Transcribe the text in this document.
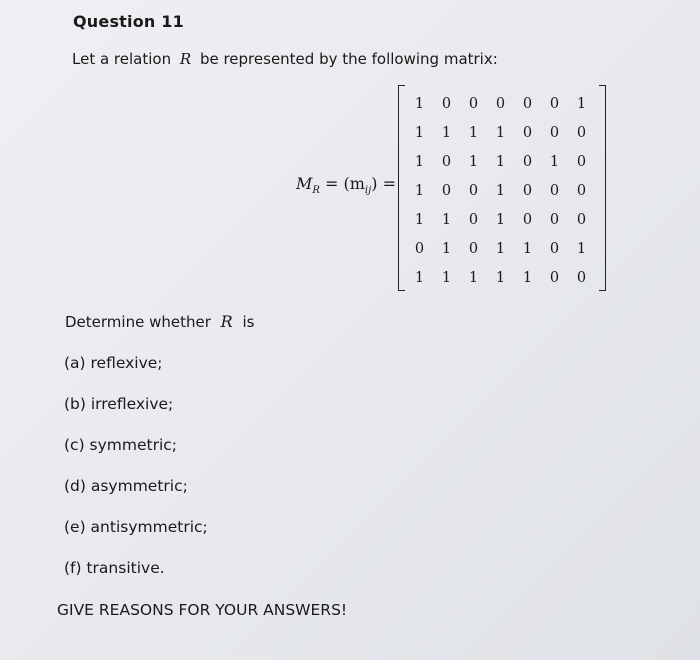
Question 11
Let a relation R be represented by the following matrix:
$M_R = (m_{ij})$ =
1	0	0	0	0	0	1
1	1	1	1	0	0	0
1	0	1	1	0	1	0
1	0	0	1	0	0	0
1	1	0	1	0	0	0
0	1	0	1	1	0	1
1	1	1	1	1	0	0
Determine whether R is
(a) reflexive;
(b) irreflexive;
(c) symmetric;
(d) asymmetric;
(e) antisymmetric;
(f) transitive.
GIVE REASONS FOR YOUR ANSWERS!
